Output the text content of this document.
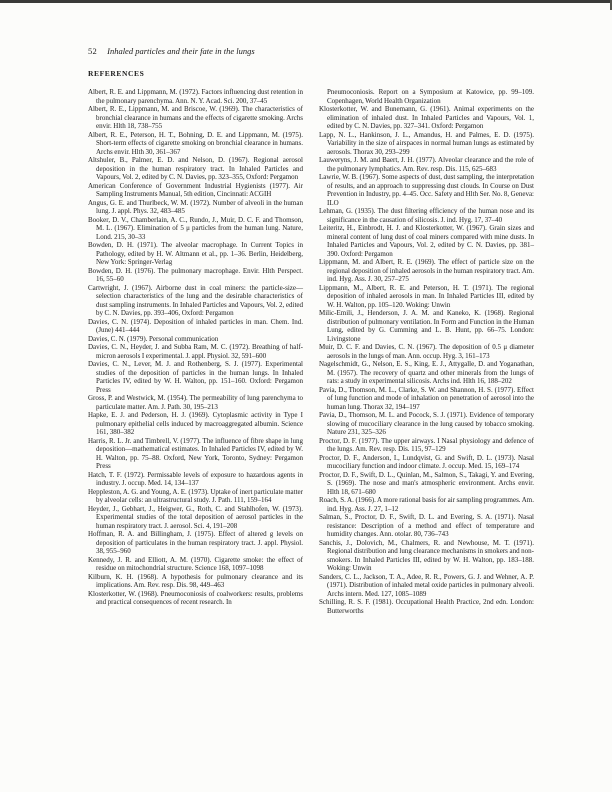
52 Inhaled particles and their fate in the lungs
REFERENCES

Albert, R. E. and Lippmann, M. (1972). Factors influencing dust retention in the pulmonary parenchyma. Ann. N. Y. Acad. Sci. 200, 37–45

Albert, R. E., Lippmann, M. and Briscoe, W. (1969). The characteristics of bronchial clearance in humans and the effects of cigarette smoking. Archs envir. Hlth 18, 738–755

Albert, R. E., Peterson, H. T., Bohning, D. E. and Lippmann, M. (1975). Short-term effects of cigarette smoking on bronchial clearance in humans. Archs envir. Hlth 30, 361–367

Altshuler, B., Palmer, E. D. and Nelson, D. (1967). Regional aerosol deposition in the human respiratory tract. In Inhaled Particles and Vapours, Vol. 2, edited by C. N. Davies, pp. 323–355, Oxford: Pergamon

American Conference of Government Industrial Hygienists (1977). Air Sampling Instruments Manual, 5th edition, Cincinnati: ACGIH

Angus, G. E. and Thurlbeck, W. M. (1972). Number of alveoli in the human lung. J. appl. Phys. 32, 483–485

Booker, D. V., Chamberlain, A. C., Rundo, J., Muir, D. C. F. and Thomson, M. L. (1967). Elimination of 5 μ particles from the human lung. Nature, Lond. 215, 30–33

Bowden, D. H. (1971). The alveolar macrophage. In Current Topics in Pathology, edited by H. W. Altmann et al., pp. 1–36. Berlin, Heidelberg, New York: Springer-Verlag

Bowden, D. H. (1976). The pulmonary macrophage. Envir. Hlth Perspect. 16, 55–60

Cartwright, J. (1967). Airborne dust in coal miners: the particle-size—selection characteristics of the lung and the desirable characteristics of dust sampling instruments. In Inhaled Particles and Vapours, Vol. 2, edited by C. N. Davies, pp. 393–406, Oxford: Pergamon

Davies, C. N. (1974). Deposition of inhaled particles in man. Chem. Ind. (June) 441–444

Davies, C. N. (1979). Personal communication

Davies, C. N., Heyder, J. and Subba Ram, M. C. (1972). Breathing of half-micron aerosols I experimental. J. appl. Physiol. 32, 591–600

Davies, C. N., Lever, M. J. and Rothenberg, S. J. (1977). Experimental studies of the deposition of particles in the human lungs. In Inhaled Particles IV, edited by W. H. Walton, pp. 151–160. Oxford: Pergamon Press

Gross, P. and Westwick, M. (1954). The permeability of lung parenchyma to particulate matter. Am. J. Path. 30, 195–213

Hapke, E. J. and Pederson, H. J. (1969). Cytoplasmic activity in Type I pulmonary epithelial cells induced by macroaggregated albumin. Science 161, 380–382

Harris, R. L. Jr. and Timbrell, V. (1977). The influence of fibre shape in lung deposition—mathematical estimates. In Inhaled Particles IV, edited by W. H. Walton, pp. 75–88. Oxford, New York, Toronto, Sydney: Pergamon Press

Hatch, T. F. (1972). Permissable levels of exposure to hazardous agents in industry. J. occup. Med. 14, 134–137

Heppleston, A. G. and Young, A. E. (1973). Uptake of inert particulate matter by alveolar cells: an ultrastructural study. J. Path. 111, 159–164

Heyder, J., Gebhart, J., Heigwer, G., Roth, C. and Stahlhofen, W. (1973). Experimental studies of the total deposition of aerosol particles in the human respiratory tract. J. aerosol. Sci. 4, 191–208

Hoffman, R. A. and Billingham, J. (1975). Effect of altered g levels on deposition of particulates in the human respiratory tract. J. appl. Physiol. 38, 955–960

Kennedy, J. R. and Elliott, A. M. (1970). Cigarette smoke: the effect of residue on mitochondrial structure. Science 168, 1097–1098

Kilburn, K. H. (1968). A hypothesis for pulmonary clearance and its implications. Am. Rev. resp. Dis. 98, 449–463

Klosterkotter, W. (1968). Pneumoconiosis of coalworkers: results, problems and practical consequences of recent research. In

Pneumoconiosis. Report on a Symposium at Katowice, pp. 99–109. Copenhagen, World Health Organization

Klosterkotter, W. and Bunemann, G. (1961). Animal experiments on the elimination of inhaled dust. In Inhaled Particles and Vapours, Vol. 1, edited by C. N. Davies, pp. 327–341. Oxford: Pergamon

Lapp, N. L., Hankinson, J. L., Amandus, H. and Palmes, E. D. (1975). Variability in the size of airspaces in normal human lungs as estimated by aerosols. Thorax 30, 293–299

Lauweryns, J. M. and Baert, J. H. (1977). Alveolar clearance and the role of the pulmonary lymphatics. Am. Rev. resp. Dis. 115, 625–683

Lawrie, W. B. (1967). Some aspects of dust, dust sampling, the interpretation of results, and an approach to suppressing dust clouds. In Course on Dust Prevention in Industry, pp. 4–45. Occ. Safety and Hlth Ser. No. 8, Geneva: ILO

Lehman, G. (1935). The dust filtering efficiency of the human nose and its significance in the causation of silicosis. J. ind. Hyg. 17, 37–40

Leiteritz, H., Einbrodt, H. J. and Klosterkotter, W. (1967). Grain sizes and mineral content of lung dust of coal miners compared with mine dusts. In Inhaled Particles and Vapours, Vol. 2, edited by C. N. Davies, pp. 381–390. Oxford: Pergamon

Lippmann, M. and Albert, R. E. (1969). The effect of particle size on the regional deposition of inhaled aerosols in the human respiratory tract. Am. ind. Hyg. Ass. J. 30, 257–275

Lippmann, M., Albert, R. E. and Peterson, H. T. (1971). The regional deposition of inhaled aerosols in man. In Inhaled Particles III, edited by W. H. Walton, pp. 105–120. Woking: Unwin

Milic-Emili, J., Henderson, J. A. M. and Kaneko, K. (1968). Regional distribution of pulmonary ventilation. In Form and Function in the Human Lung, edited by G. Cumming and L. B. Hunt, pp. 66–75. London: Livingstone

Muir, D. C. F. and Davies, C. N. (1967). The deposition of 0.5 μ diameter aerosols in the lungs of man. Ann. occup. Hyg. 3, 161–173

Nagelschmidt, G., Nelson, E. S., King, E. J., Attygalle, D. and Yoganathan, M. (1957). The recovery of quartz and other minerals from the lungs of rats: a study in experimental silicosis. Archs ind. Hlth 16, 188–202

Pavia, D., Thomson, M. L., Clarke, S. W. and Shannon, H. S. (1977). Effect of lung function and mode of inhalation on penetration of aerosol into the human lung. Thorax 32, 194–197

Pavia, D., Thomson, M. L. and Pocock, S. J. (1971). Evidence of temporary slowing of mucociliary clearance in the lung caused by tobacco smoking. Nature 231, 325–326

Proctor, D. F. (1977). The upper airways. I Nasal physiology and defence of the lungs. Am. Rev. resp. Dis. 115, 97–129

Proctor, D. F., Anderson, I., Lundqvist, G. and Swift, D. L. (1973). Nasal mucociliary function and indoor climate. J. occup. Med. 15, 169–174

Proctor, D. F., Swift, D. L., Quinlan, M., Salmon, S., Takagi, Y. and Evering, S. (1969). The nose and man's atmospheric environment. Archs envir. Hlth 18, 671–680

Roach, S. A. (1966). A more rational basis for air sampling programmes. Am. ind. Hyg. Ass. J. 27, 1–12

Salman, S., Proctor, D. F., Swift, D. L. and Evering, S. A. (1971). Nasal resistance: Description of a method and effect of temperature and humidity changes. Ann. otolar. 80, 736–743

Sanchis, J., Dolovich, M., Chalmers, R. and Newhouse, M. T. (1971). Regional distribution and lung clearance mechanisms in smokers and non-smokers. In Inhaled Particles III, edited by W. H. Walton, pp. 183–188. Woking: Unwin

Sanders, C. L., Jackson, T. A., Adee, R. R., Powers, G. J. and Wehner, A. P. (1971). Distribution of inhaled metal oxide particles in pulmonary alveoli. Archs intern. Med. 127, 1085–1089

Schilling, R. S. F. (1981). Occupational Health Practice, 2nd edn. London: Butterworths
